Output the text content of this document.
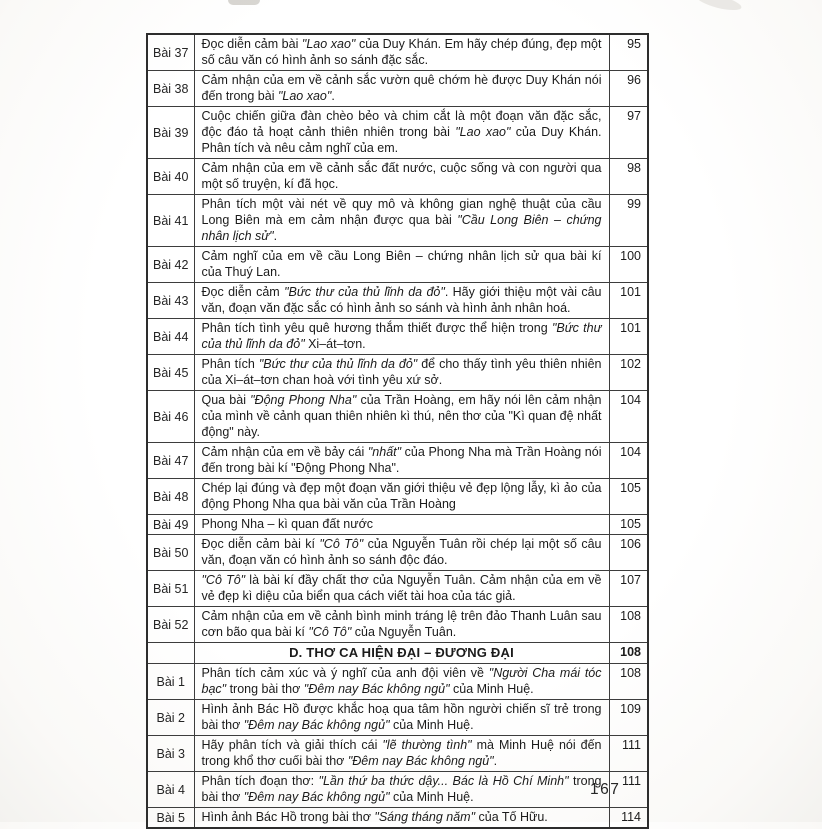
Bài 37	Đọc diễn cảm bài "Lao xao" của Duy Khán. Em hãy chép đúng, đẹp một số câu văn có hình ảnh so sánh đặc sắc.	95
Bài 38	Cảm nhận của em về cảnh sắc vườn quê chớm hè được Duy Khán nói đến trong bài "Lao xao".	96
Bài 39	Cuộc chiến giữa đàn chèo bẻo và chim cắt là một đoạn văn đặc sắc, độc đáo tả hoạt cảnh thiên nhiên trong bài "Lao xao" của Duy Khán. Phân tích và nêu cảm nghĩ của em.	97
Bài 40	Cảm nhận của em về cảnh sắc đất nước, cuộc sống và con người qua một số truyện, kí đã học.	98
Bài 41	Phân tích một vài nét về quy mô và không gian nghệ thuật của cầu Long Biên mà em cảm nhận được qua bài "Cầu Long Biên – chứng nhân lịch sử".	99
Bài 42	Cảm nghĩ của em về cầu Long Biên – chứng nhân lịch sử qua bài kí của Thuý Lan.	100
Bài 43	Đọc diễn cảm "Bức thư của thủ lĩnh da đỏ". Hãy giới thiệu một vài câu văn, đoạn văn đặc sắc có hình ảnh so sánh và hình ảnh nhân hoá.	101
Bài 44	Phân tích tình yêu quê hương thắm thiết được thể hiện trong "Bức thư của thủ lĩnh da đỏ" Xi–át–tơn.	101
Bài 45	Phân tích "Bức thư của thủ lĩnh da đỏ" để cho thấy tình yêu thiên nhiên của Xi–át–tơn chan hoà với tình yêu xứ sở.	102
Bài 46	Qua bài "Động Phong Nha" của Trần Hoàng, em hãy nói lên cảm nhận của mình về cảnh quan thiên nhiên kì thú, nên thơ của "Kì quan đệ nhất động" này.	104
Bài 47	Cảm nhận của em về bảy cái "nhất" của Phong Nha mà Trần Hoàng nói đến trong bài kí "Động Phong Nha".	104
Bài 48	Chép lại đúng và đẹp một đoạn văn giới thiệu vẻ đẹp lộng lẫy, kì ảo của động Phong Nha qua bài văn của Trần Hoàng	105
Bài 49	Phong Nha – kì quan đất nước	105
Bài 50	Đọc diễn cảm bài kí "Cô Tô" của Nguyễn Tuân rồi chép lại một số câu văn, đoạn văn có hình ảnh so sánh độc đáo.	106
Bài 51	"Cô Tô" là bài kí đầy chất thơ của Nguyễn Tuân. Cảm nhận của em về vẻ đẹp kì diệu của biển qua cách viết tài hoa của tác giả.	107
Bài 52	Cảm nhận của em về cảnh bình minh tráng lệ trên đảo Thanh Luân sau cơn bão qua bài kí "Cô Tô" của Nguyễn Tuân.	108
	D. THƠ CA HIỆN ĐẠI – ĐƯƠNG ĐẠI	108
Bài 1	Phân tích cảm xúc và ý nghĩ của anh đội viên về "Người Cha mái tóc bạc" trong bài thơ "Đêm nay Bác không ngủ" của Minh Huệ.	108
Bài 2	Hình ảnh Bác Hồ được khắc hoạ qua tâm hồn người chiến sĩ trẻ trong bài thơ "Đêm nay Bác không ngủ" của Minh Huệ.	109
Bài 3	Hãy phân tích và giải thích cái "lẽ thường tình" mà Minh Huệ nói đến trong khổ thơ cuối bài thơ "Đêm nay Bác không ngủ".	111
Bài 4	Phân tích đoạn thơ: "Lần thứ ba thức dậy... Bác là Hồ Chí Minh" trong bài thơ "Đêm nay Bác không ngủ" của Minh Huệ.	111
Bài 5	Hình ảnh Bác Hồ trong bài thơ "Sáng tháng năm" của Tố Hữu.	114
167
